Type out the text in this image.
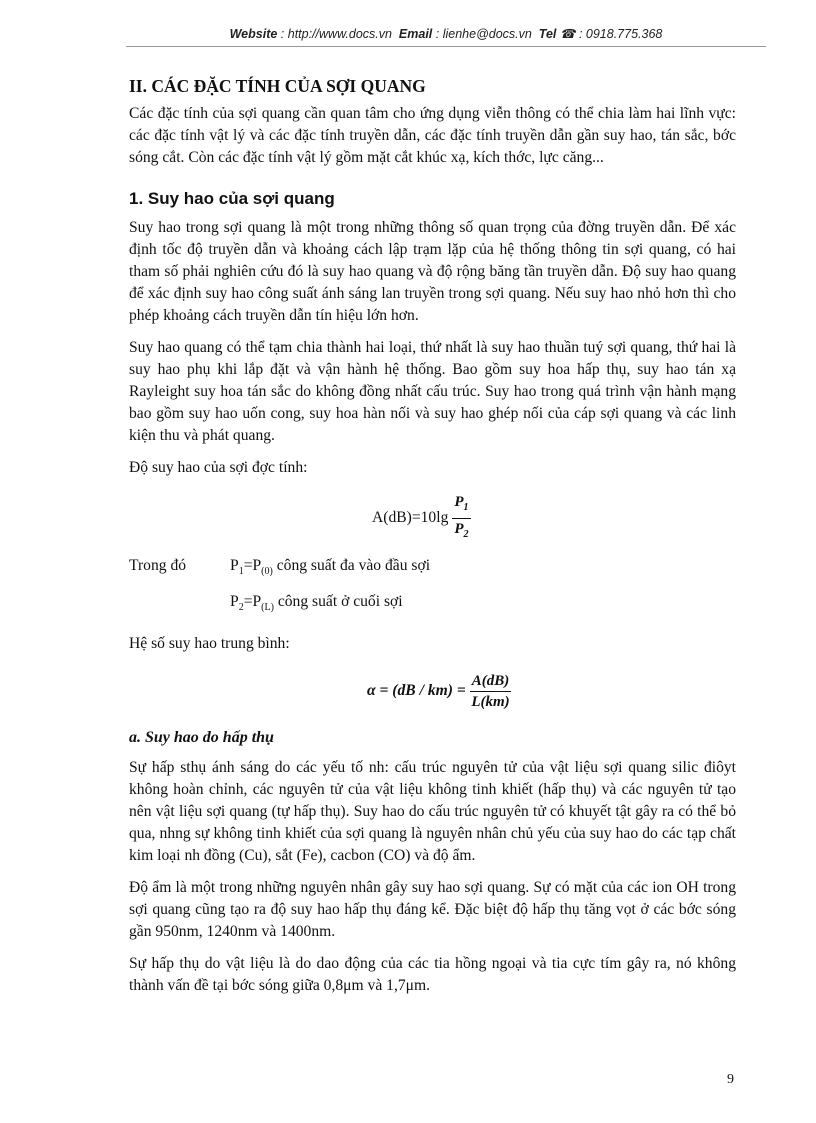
Website : http://www.docs.vn Email : lienhe@docs.vn Tel ☎ : 0918.775.368
II. CÁC ĐẶC TÍNH CỦA SỢI QUANG

Các đặc tính của sợi quang cần quan tâm cho ứng dụng viễn thông có thể chia làm hai lĩnh vực: các đặc tính vật lý và các đặc tính truyền dẫn, các đặc tính truyền dẫn gần suy hao, tán sắc, bớc sóng cắt. Còn các đặc tính vật lý gồm mặt cắt khúc xạ, kích thớc, lực căng...

1. Suy hao của sợi quang

Suy hao trong sợi quang là một trong những thông số quan trọng của đờng truyền dẫn. Để xác định tốc độ truyền dẫn và khoảng cách lập trạm lặp của hệ thống thông tin sợi quang, có hai tham số phải nghiên cứu đó là suy hao quang và độ rộng băng tần truyền dẫn. Độ suy hao quang để xác định suy hao công suất ánh sáng lan truyền trong sợi quang. Nếu suy hao nhỏ hơn thì cho phép khoảng cách truyền dẫn tín hiệu lớn hơn.

Suy hao quang có thể tạm chia thành hai loại, thứ nhất là suy hao thuần tuý sợi quang, thứ hai là suy hao phụ khi lắp đặt và vận hành hệ thống. Bao gồm suy hoa hấp thụ, suy hao tán xạ Rayleight suy hoa tán sắc do không đồng nhất cấu trúc. Suy hao trong quá trình vận hành mạng bao gồm suy hao uốn cong, suy hoa hàn nối và suy hao ghép nối của cáp sợi quang và các linh kiện thu và phát quang.

Độ suy hao của sợi đợc tính:

$A(dB)=10\lg \frac{P_1}{P_2}$
Trong đó	$P_1=P_{(0)}$ công suất đa vào đầu sợi
$P_2=P_{(L)}$ công suất ở cuối sợi

Hệ số suy hao trung bình:

$\alpha = (dB / km) = \frac{A(dB)}{L(km)}$
a. Suy hao do hấp thụ

Sự hấp sthụ ánh sáng do các yếu tố nh: cấu trúc nguyên tử của vật liệu sợi quang silic điôyt không hoàn chỉnh, các nguyên tử của vật liệu không tinh khiết (hấp thụ) và các nguyên tử tạo nên vật liệu sợi quang (tự hấp thụ). Suy hao do cấu trúc nguyên tử có khuyết tật gây ra có thể bỏ qua, nhng sự không tinh khiết của sợi quang là nguyên nhân chủ yếu của suy hao do các tạp chất kim loại nh đồng (Cu), sắt (Fe), cacbon (CO) và độ ẩm.

Độ ẩm là một trong những nguyên nhân gây suy hao sợi quang. Sự có mặt của các ion OH trong sợi quang cũng tạo ra độ suy hao hấp thụ đáng kể. Đặc biệt độ hấp thụ tăng vọt ở các bớc sóng gần 950nm, 1240nm và 1400nm.

Sự hấp thụ do vật liệu là do dao động của các tia hồng ngoại và tia cực tím gây ra, nó không thành vấn đề tại bớc sóng giữa 0,8μm và 1,7μm.

9
